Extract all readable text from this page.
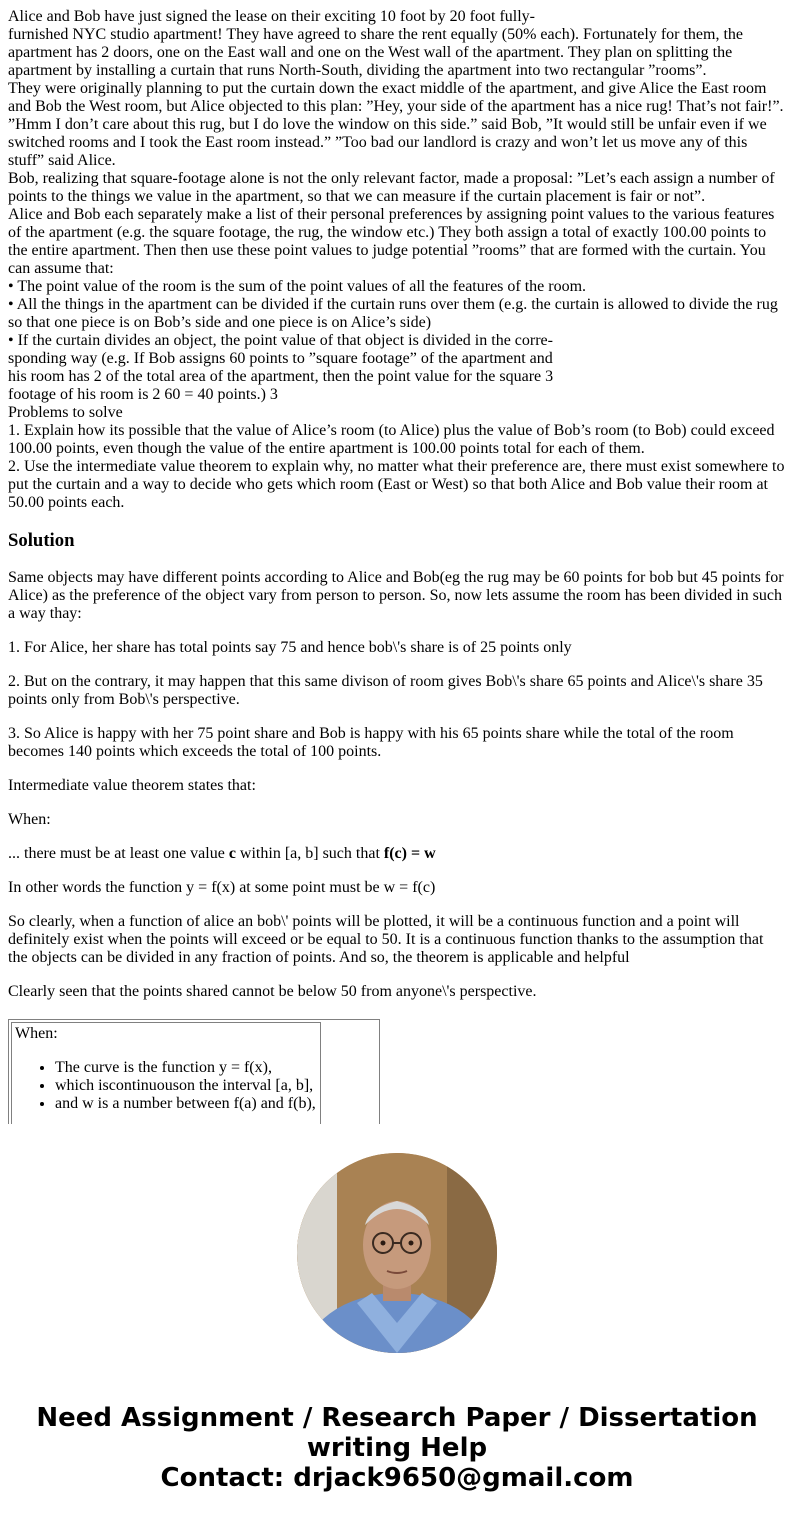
Alice and Bob have just signed the lease on their exciting 10 foot by 20 foot fully-

furnished NYC studio apartment! They have agreed to share the rent equally (50% each). Fortunately for them, the apartment has 2 doors, one on the East wall and one on the West wall of the apartment. They plan on splitting the apartment by installing a curtain that runs North-South, dividing the apartment into two rectangular ”rooms”.

They were originally planning to put the curtain down the exact middle of the apartment, and give Alice the East room and Bob the West room, but Alice objected to this plan: ”Hey, your side of the apartment has a nice rug! That’s not fair!”. ”Hmm I don’t care about this rug, but I do love the window on this side.” said Bob, ”It would still be unfair even if we switched rooms and I took the East room instead.” ”Too bad our landlord is crazy and won’t let us move any of this stuff” said Alice.

Bob, realizing that square-footage alone is not the only relevant factor, made a proposal: ”Let’s each assign a number of points to the things we value in the apartment, so that we can measure if the curtain placement is fair or not”.

Alice and Bob each separately make a list of their personal preferences by assigning point values to the various features of the apartment (e.g. the square footage, the rug, the window etc.) They both assign a total of exactly 100.00 points to the entire apartment. Then then use these point values to judge potential ”rooms” that are formed with the curtain. You can assume that:

• The point value of the room is the sum of the point values of all the features of the room.

• All the things in the apartment can be divided if the curtain runs over them (e.g. the curtain is allowed to divide the rug so that one piece is on Bob’s side and one piece is on Alice’s side)

• If the curtain divides an object, the point value of that object is divided in the corre-

sponding way (e.g. If Bob assigns 60 points to ”square footage” of the apartment and

his room has 2 of the total area of the apartment, then the point value for the square 3

footage of his room is 2 60 = 40 points.) 3

Problems to solve

1. Explain how its possible that the value of Alice’s room (to Alice) plus the value of Bob’s room (to Bob) could exceed 100.00 points, even though the value of the entire apartment is 100.00 points total for each of them.

2. Use the intermediate value theorem to explain why, no matter what their preference are, there must exist somewhere to put the curtain and a way to decide who gets which room (East or West) so that both Alice and Bob value their room at 50.00 points each.

Solution

Same objects may have different points according to Alice and Bob(eg the rug may be 60 points for bob but 45 points for Alice) as the preference of the object vary from person to person. So, now lets assume the room has been divided in such a way thay:

1. For Alice, her share has total points say 75 and hence bob\'s share is of 25 points only

2. But on the contrary, it may happen that this same divison of room gives Bob\'s share 65 points and Alice\'s share 35 points only from Bob\'s perspective.

3. So Alice is happy with her 75 point share and Bob is happy with his 65 points share while the total of the room becomes 140 points which exceeds the total of 100 points.

Intermediate value theorem states that:

When:

... there must be at least one value c within [a, b] such that f(c) = w

In other words the function y = f(x) at some point must be w = f(c)

So clearly, when a function of alice an bob\' points will be plotted, it will be a continuous function and a point will definitely exist when the points will exceed or be equal to 50. It is a continuous function thanks to the assumption that the objects can be divided in any fraction of points. And so, the theorem is applicable and helpful

Clearly seen that the points shared cannot be below 50 from anyone\'s perspective.

When:
• The curve is the function y = f(x),
• which iscontinuouson the interval [a, b],
• and w is a number between f(a) and f(b),
Need Assignment / Research Paper / Dissertation
writing Help
Contact: drjack9650@gmail.com
